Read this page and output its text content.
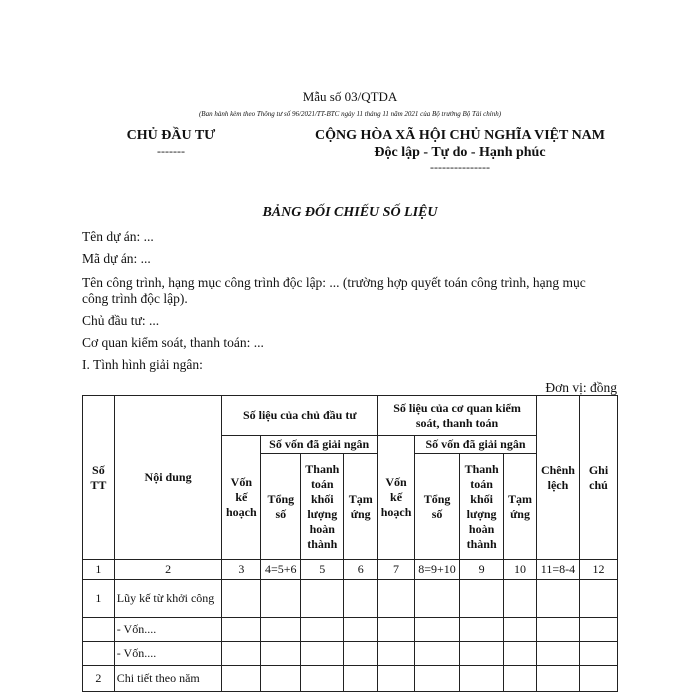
Mẫu số 03/QTDA
(Ban hành kèm theo Thông tư số 96/2021/TT-BTC ngày 11 tháng 11 năm 2021 của Bộ trưởng Bộ Tài chính)
CHỦ ĐẦU TƯ
-------
CỘNG HÒA XÃ HỘI CHỦ NGHĨA VIỆT NAM
Độc lập - Tự do - Hạnh phúc
---------------
BẢNG ĐỐI CHIẾU SỐ LIỆU
Tên dự án: ...
Mã dự án: ...
Tên công trình, hạng mục công trình độc lập: ... (trường hợp quyết toán công trình, hạng mục công trình độc lập).
Chủ đầu tư: ...
Cơ quan kiểm soát, thanh toán: ...
I. Tình hình giải ngân:
Đơn vị: đồng
Số TT	Nội dung	Số liệu của chủ đầu tư				Số liệu của cơ quan kiểm soát, thanh toán				Chênh lệch	Ghi chú
		Vốn kế hoạch	Số vốn đã giải ngân			Vốn kế hoạch	Số vốn đã giải ngân				
			Tổng số	Thanh toán khối lượng hoàn thành	Tạm ứng		Tổng số	Thanh toán khối lượng hoàn thành	Tạm ứng		
1	2	3	4=5+6	5	6	7	8=9+10	9	10	11=8-4	12
1	Lũy kế từ khởi công										
	- Vốn....										
	- Vốn....										
2	Chi tiết theo năm										
